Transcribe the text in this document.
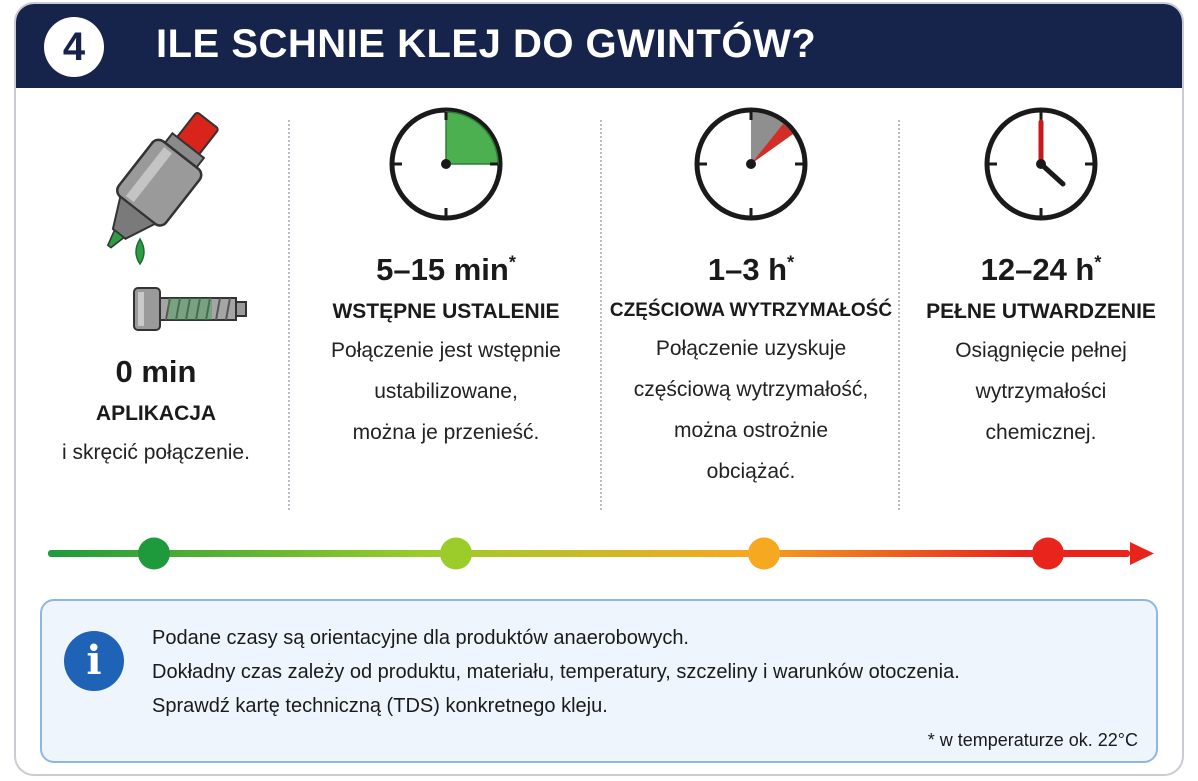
4	ILE SCHNIE KLEJ DO GWINTÓW?
0 min
APLIKACJA
i skręcić połączenie.
5–15 min*
WSTĘPNE USTALENIE
Połączenie jest wstępnie
ustabilizowane,
można je przenieść.
1–3 h*
CZĘŚCIOWA WYTRZYMAŁOŚĆ
Połączenie uzyskuje
częściową wytrzymałość,
można ostrożnie
obciążać.
12–24 h*
PEŁNE UTWARDZENIE
Osiągnięcie pełnej
wytrzymałości
chemicznej.
i	Podane czasy są orientacyjne dla produktów anaerobowych.
Dokładny czas zależy od produktu, materiału, temperatury, szczeliny i warunków otoczenia.
Sprawdź kartę techniczną (TDS) konkretnego kleju.
* w temperaturze ok. 22°C
